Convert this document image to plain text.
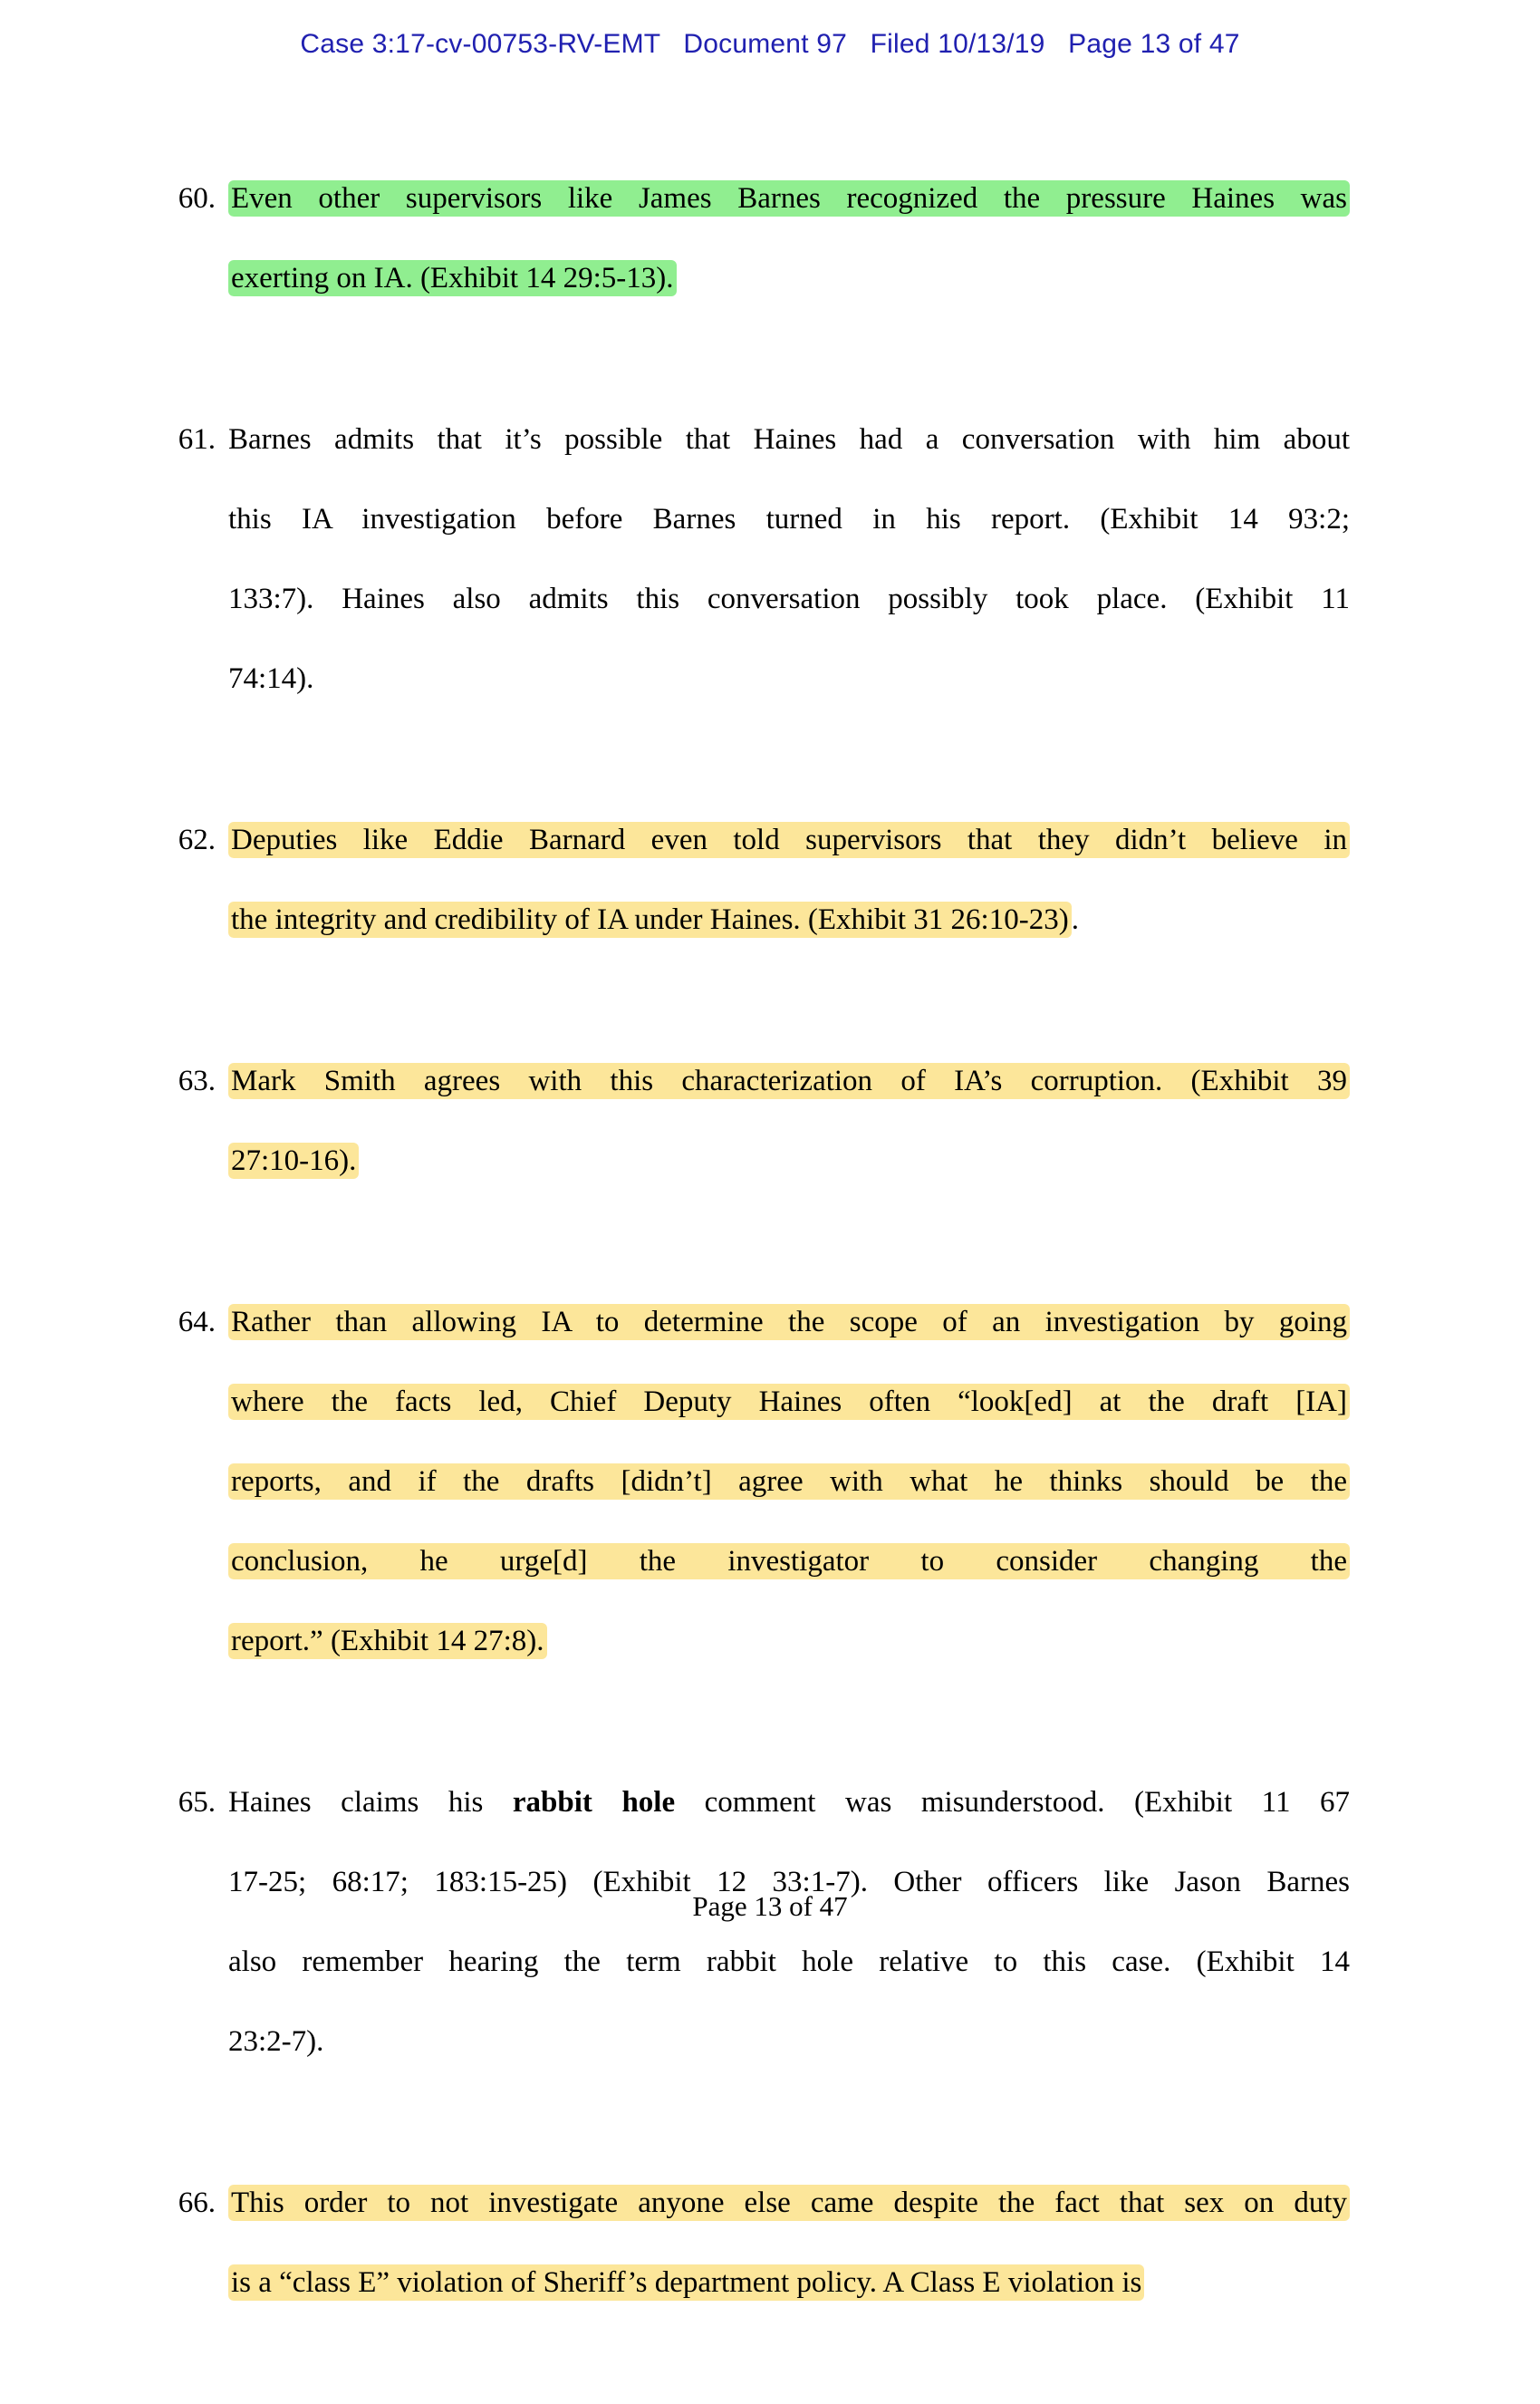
Case 3:17-cv-00753-RV-EMT   Document 97   Filed 10/13/19   Page 13 of 47
60. Even other supervisors like James Barnes recognized the pressure Haines was
exerting on IA. (Exhibit 14 29:5-13).
61. Barnes admits that it’s possible that Haines had a conversation with him about
this IA investigation before Barnes turned in his report. (Exhibit 14 93:2;
133:7). Haines also admits this conversation possibly took place. (Exhibit 11
74:14).
62. Deputies like Eddie Barnard even told supervisors that they didn’t believe in
the integrity and credibility of IA under Haines. (Exhibit 31 26:10-23).
63. Mark Smith agrees with this characterization of IA’s corruption. (Exhibit 39
27:10-16).
64. Rather than allowing IA to determine the scope of an investigation by going
where the facts led, Chief Deputy Haines often “look[ed] at the draft [IA]
reports, and if the drafts [didn’t] agree with what he thinks should be the
conclusion, he urge[d] the investigator to consider changing the
report.” (Exhibit 14 27:8).
65. Haines claims his rabbit hole comment was misunderstood. (Exhibit 11 67
17-25; 68:17; 183:15-25) (Exhibit 12 33:1-7). Other officers like Jason Barnes
also remember hearing the term rabbit hole relative to this case. (Exhibit 14
23:2-7).
66. This order to not investigate anyone else came despite the fact that sex on duty
is a “class E” violation of Sheriff’s department policy. A Class E violation is
Page 13 of 47
